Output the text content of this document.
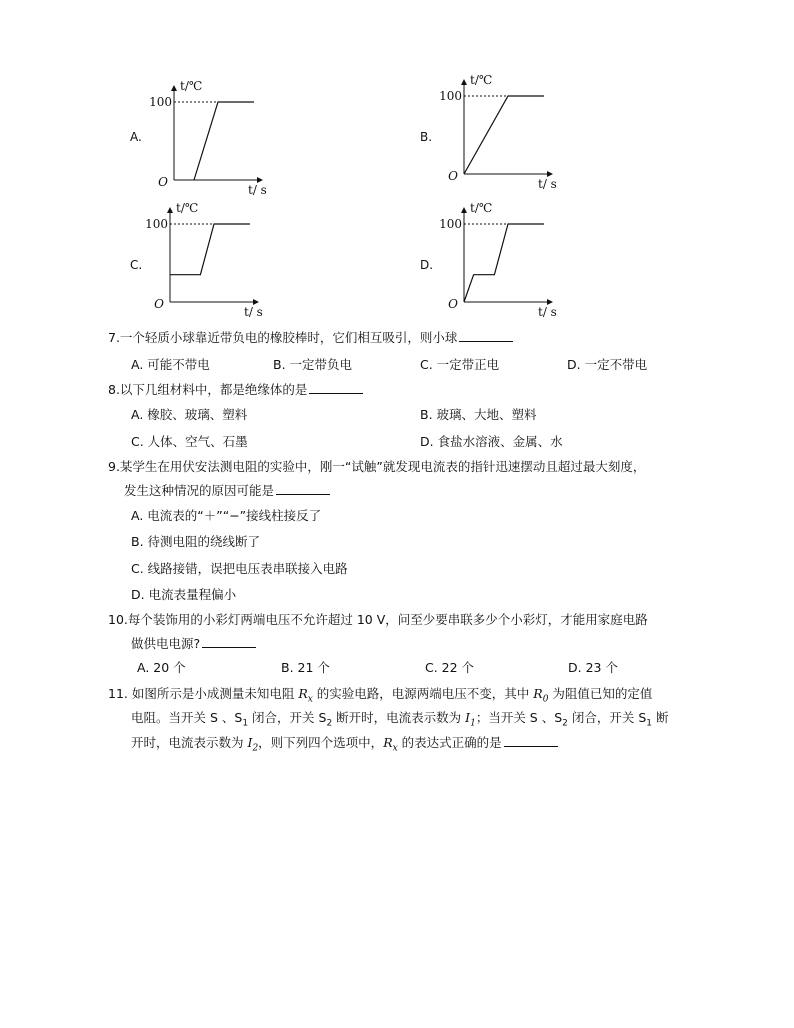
A.
100
O
t/℃
t/ s
B.
100
O
t/℃
t/ s
C.
100
O
t/℃
t/ s
D.
100
O
t/℃
t/ s
7.一个轻质小球靠近带负电的橡胶棒时，它们相互吸引，则小球
A. 可能不带电	B. 一定带负电	C. 一定带正电	D. 一定不带电
8.以下几组材料中，都是绝缘体的是
A. 橡胶、玻璃、塑料	B. 玻璃、大地、塑料
C. 人体、空气、石墨	D. 食盐水溶液、金属、水
9.某学生在用伏安法测电阻的实验中，刚一“试触”就发现电流表的指针迅速摆动且超过最大刻度，
发生这种情况的原因可能是
A. 电流表的“＋”“−”接线柱接反了
B. 待测电阻的绕线断了
C. 线路接错，误把电压表串联接入电路
D. 电流表量程偏小
10.每个装饰用的小彩灯两端电压不允许超过 10 V，问至少要串联多少个小彩灯，才能用家庭电路
做供电电源?
A. 20 个	B. 21 个	C. 22 个	D. 23 个
11. 如图所示是小成测量未知电阻 $R_x$ 的实验电路，电源两端电压不变，其中 $R_0$ 为阻值已知的定值
电阻。当开关 S 、$S_1$ 闭合，开关 $S_2$ 断开时，电流表示数为 $I_1$；当开关 S 、$S_2$ 闭合，开关 $S_1$ 断
开时，电流表示数为 $I_2$，则下列四个选项中，$R_x$ 的表达式正确的是
